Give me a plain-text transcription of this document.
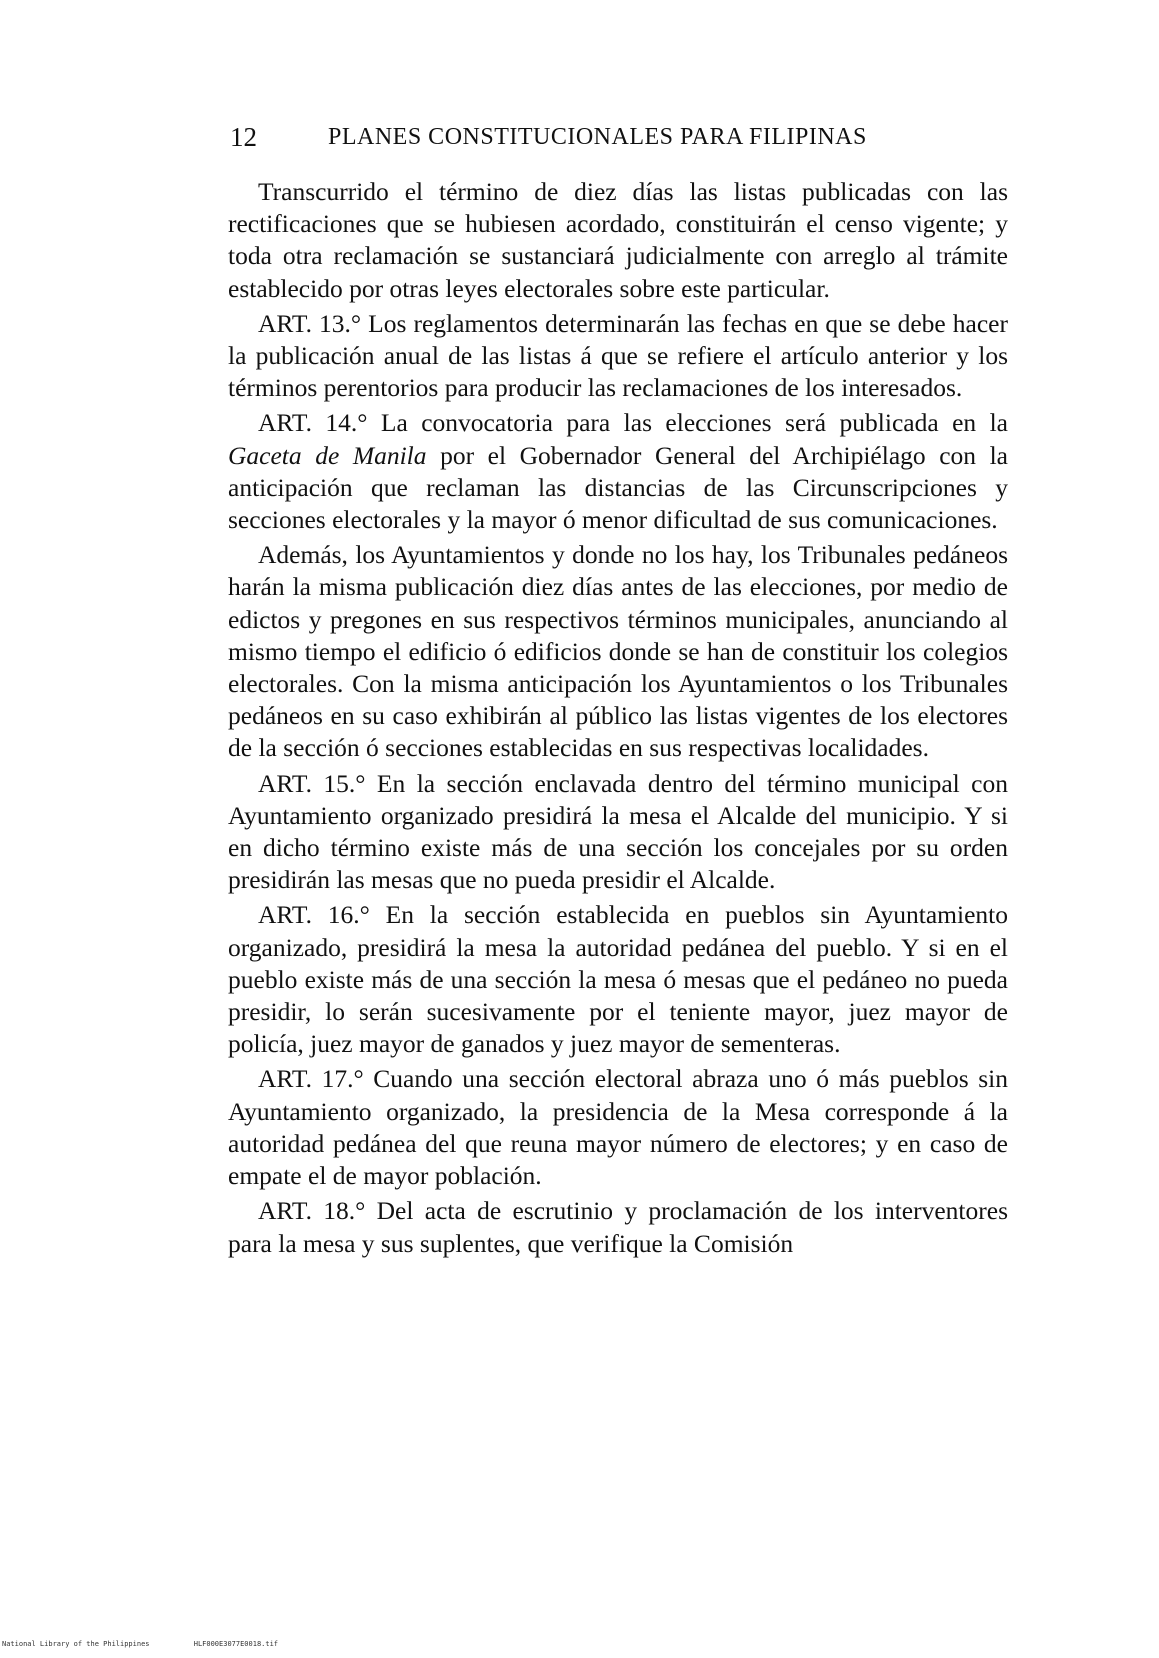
12	PLANES CONSTITUCIONALES PARA FILIPINAS

Transcurrido el término de diez días las listas publicadas con las rectificaciones que se hubiesen acordado, constituirán el censo vigente; y toda otra reclamación se sustanciará judicialmente con arreglo al trámite establecido por otras leyes electorales sobre este particular.

ART. 13.° Los reglamentos determinarán las fechas en que se debe hacer la publicación anual de las listas á que se refiere el artículo anterior y los términos perentorios para producir las reclamaciones de los interesados.

ART. 14.° La convocatoria para las elecciones será publicada en la Gaceta de Manila por el Gobernador General del Archipiélago con la anticipación que reclaman las distancias de las Circunscripciones y secciones electorales y la mayor ó menor dificultad de sus comunicaciones.

Además, los Ayuntamientos y donde no los hay, los Tribunales pedáneos harán la misma publicación diez días antes de las elecciones, por medio de edictos y pregones en sus respectivos términos municipales, anunciando al mismo tiempo el edificio ó edificios donde se han de constituir los colegios electorales. Con la misma anticipación los Ayuntamientos o los Tribunales pedáneos en su caso exhibirán al público las listas vigentes de los electores de la sección ó secciones establecidas en sus respectivas localidades.

ART. 15.° En la sección enclavada dentro del término municipal con Ayuntamiento organizado presidirá la mesa el Alcalde del municipio. Y si en dicho término existe más de una sección los concejales por su orden presidirán las mesas que no pueda presidir el Alcalde.

ART. 16.° En la sección establecida en pueblos sin Ayuntamiento organizado, presidirá la mesa la autoridad pedánea del pueblo. Y si en el pueblo existe más de una sección la mesa ó mesas que el pedáneo no pueda presidir, lo serán sucesivamente por el teniente mayor, juez mayor de policía, juez mayor de ganados y juez mayor de sementeras.

ART. 17.° Cuando una sección electoral abraza uno ó más pueblos sin Ayuntamiento organizado, la presidencia de la Mesa corresponde á la autoridad pedánea del que reuna mayor número de electores; y en caso de empate el de mayor población.

ART. 18.° Del acta de escrutinio y proclamación de los interventores para la mesa y sus suplentes, que verifique la Comisión

National Library of the Philippines	HLF000E3077E0018.tif
